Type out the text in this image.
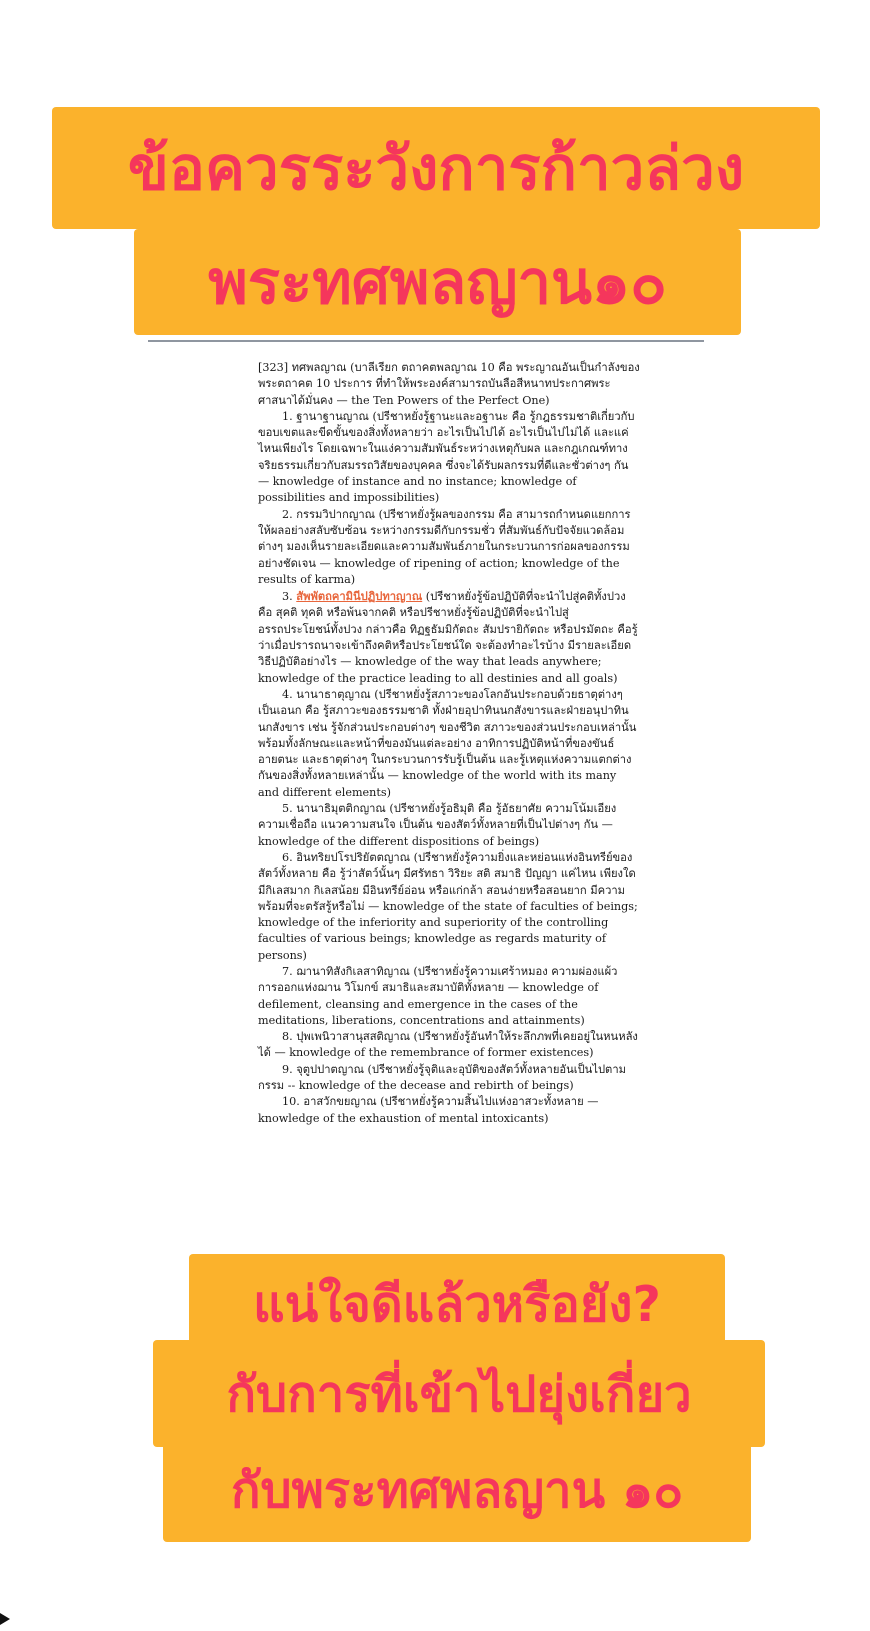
ข้อควรระวังการก้าวล่วง
พระทศพลญาน๑๐

[323] ทศพลญาณ (บาลีเรียก ตถาคตพลญาณ 10 คือ พระญาณอันเป็นกำลังของพระตถาคต 10 ประการ ที่ทำให้พระองค์สามารถบันลือสีหนาทประกาศพระศาสนาได้มั่นคง — the Ten Powers of the Perfect One)

1. ฐานาฐานญาณ (ปรีชาหยั่งรู้ฐานะและอฐานะ คือ รู้กฎธรรมชาติเกี่ยวกับขอบเขตและขีดขั้นของสิ่งทั้งหลายว่า อะไรเป็นไปได้ อะไรเป็นไปไม่ได้ และแค่ไหนเพียงไร โดยเฉพาะในแง่ความสัมพันธ์ระหว่างเหตุกับผล และกฎเกณฑ์ทางจริยธรรมเกี่ยวกับสมรรถวิสัยของบุคคล ซึ่งจะได้รับผลกรรมที่ดีและชั่วต่างๆ กัน — knowledge of instance and no instance; knowledge of possibilities and impossibilities)

2. กรรมวิปากญาณ (ปรีชาหยั่งรู้ผลของกรรม คือ สามารถกำหนดแยกการให้ผลอย่างสลับซับซ้อน ระหว่างกรรมดีกับกรรมชั่ว ที่สัมพันธ์กับปัจจัยแวดล้อมต่างๆ มองเห็นรายละเอียดและความสัมพันธ์ภายในกระบวนการก่อผลของกรรมอย่างชัดเจน — knowledge of ripening of action; knowledge of the results of karma)

3. สัพพัตถคามินีปฏิปทาญาณ (ปรีชาหยั่งรู้ข้อปฏิบัติที่จะนำไปสู่คติทั้งปวง คือ สุคติ ทุคติ หรือพ้นจากคติ หรือปรีชาหยั่งรู้ข้อปฏิบัติที่จะนำไปสู่อรรถประโยชน์ทั้งปวง กล่าวคือ ทิฏฐธัมมิกัตถะ สัมปรายิกัตถะ หรือปรมัตถะ คือรู้ว่าเมื่อปรารถนาจะเข้าถึงคติหรือประโยชน์ใด จะต้องทำอะไรบ้าง มีรายละเอียดวิธีปฏิบัติอย่างไร — knowledge of the way that leads anywhere; knowledge of the practice leading to all destinies and all goals)

4. นานาธาตุญาณ (ปรีชาหยั่งรู้สภาวะของโลกอันประกอบด้วยธาตุต่างๆ เป็นเอนก คือ รู้สภาวะของธรรมชาติ ทั้งฝ่ายอุปาทินนกสังขารและฝ่ายอนุปาทินนกสังขาร เช่น รู้จักส่วนประกอบต่างๆ ของชีวิต สภาวะของส่วนประกอบเหล่านั้น พร้อมทั้งลักษณะและหน้าที่ของมันแต่ละอย่าง อาทิการปฏิบัติหน้าที่ของขันธ์ อายตนะ และธาตุต่างๆ ในกระบวนการรับรู้เป็นต้น และรู้เหตุแห่งความแตกต่างกันของสิ่งทั้งหลายเหล่านั้น — knowledge of the world with its many and different elements)

5. นานาธิมุตติกญาณ (ปรีชาหยั่งรู้อธิมุติ คือ รู้อัธยาศัย ความโน้มเอียง ความเชื่อถือ แนวความสนใจ เป็นต้น ของสัตว์ทั้งหลายที่เป็นไปต่างๆ กัน — knowledge of the different dispositions of beings)

6. อินทริยปโรปริยัตตญาณ (ปรีชาหยั่งรู้ความยิ่งและหย่อนแห่งอินทรีย์ของสัตว์ทั้งหลาย คือ รู้ว่าสัตว์นั้นๆ มีศรัทธา วิริยะ สติ สมาธิ ปัญญา แค่ไหน เพียงใด มีกิเลสมาก กิเลสน้อย มีอินทรีย์อ่อน หรือแก่กล้า สอนง่ายหรือสอนยาก มีความพร้อมที่จะตรัสรู้หรือไม่ — knowledge of the state of faculties of beings; knowledge of the inferiority and superiority of the controlling faculties of various beings; knowledge as regards maturity of persons)

7. ฌานาทิสังกิเลสาทิญาณ (ปรีชาหยั่งรู้ความเศร้าหมอง ความผ่องแผ้ว การออกแห่งฌาน วิโมกข์ สมาธิและสมาบัติทั้งหลาย — knowledge of defilement, cleansing and emergence in the cases of the meditations, liberations, concentrations and attainments)

8. ปุพเพนิวาสานุสสติญาณ (ปรีชาหยั่งรู้อันทำให้ระลึกภพที่เคยอยู่ในหนหลังได้ — knowledge of the remembrance of former existences)

9. จุตูปปาตญาณ (ปรีชาหยั่งรู้จุติและอุบัติของสัตว์ทั้งหลายอันเป็นไปตามกรรม -- knowledge of the decease and rebirth of beings)

10. อาสวักขยญาณ (ปรีชาหยั่งรู้ความสิ้นไปแห่งอาสวะทั้งหลาย — knowledge of the exhaustion of mental intoxicants)

แน่ใจดีแล้วหรือยัง?
กับการที่เข้าไปยุ่งเกี่ยว
กับพระทศพลญาน ๑๐
